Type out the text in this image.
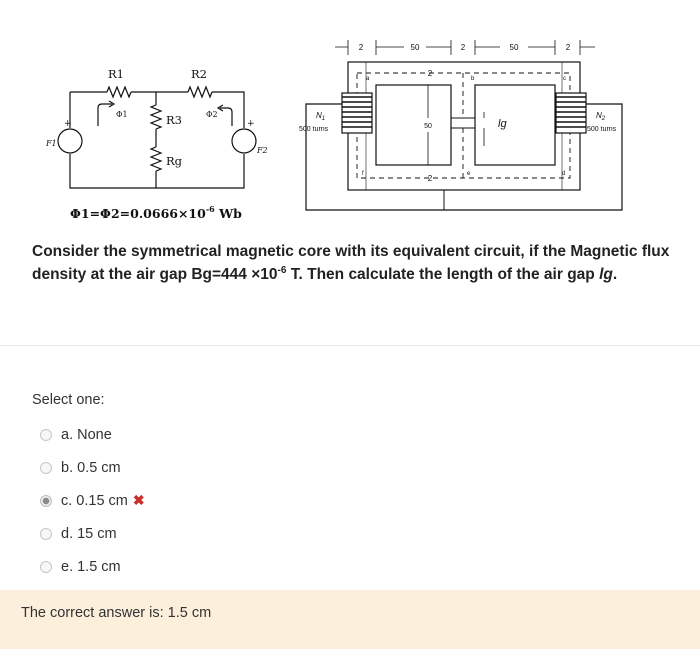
R1	R2
R3
Rg
Φ1	Φ2
F1
F2
+	+
$\Phi 1=\Phi 2=0.0666\times 10^{-6}$ Wb
2	50	2	50	2
2
2
50
$N_1$
500 turns
$N_2$
500 turns
lg
a	b	c
d
e
f
Consider the symmetrical magnetic core with its equivalent circuit, if the Magnetic flux density at the air gap $Bg=444 \times 10^{-6}$ T. Then calculate the length of the air gap lg.
Select one:
a. None
b. 0.5 cm
c. 0.15 cm ✖
d. 15 cm
e. 1.5 cm
The correct answer is: 1.5 cm
